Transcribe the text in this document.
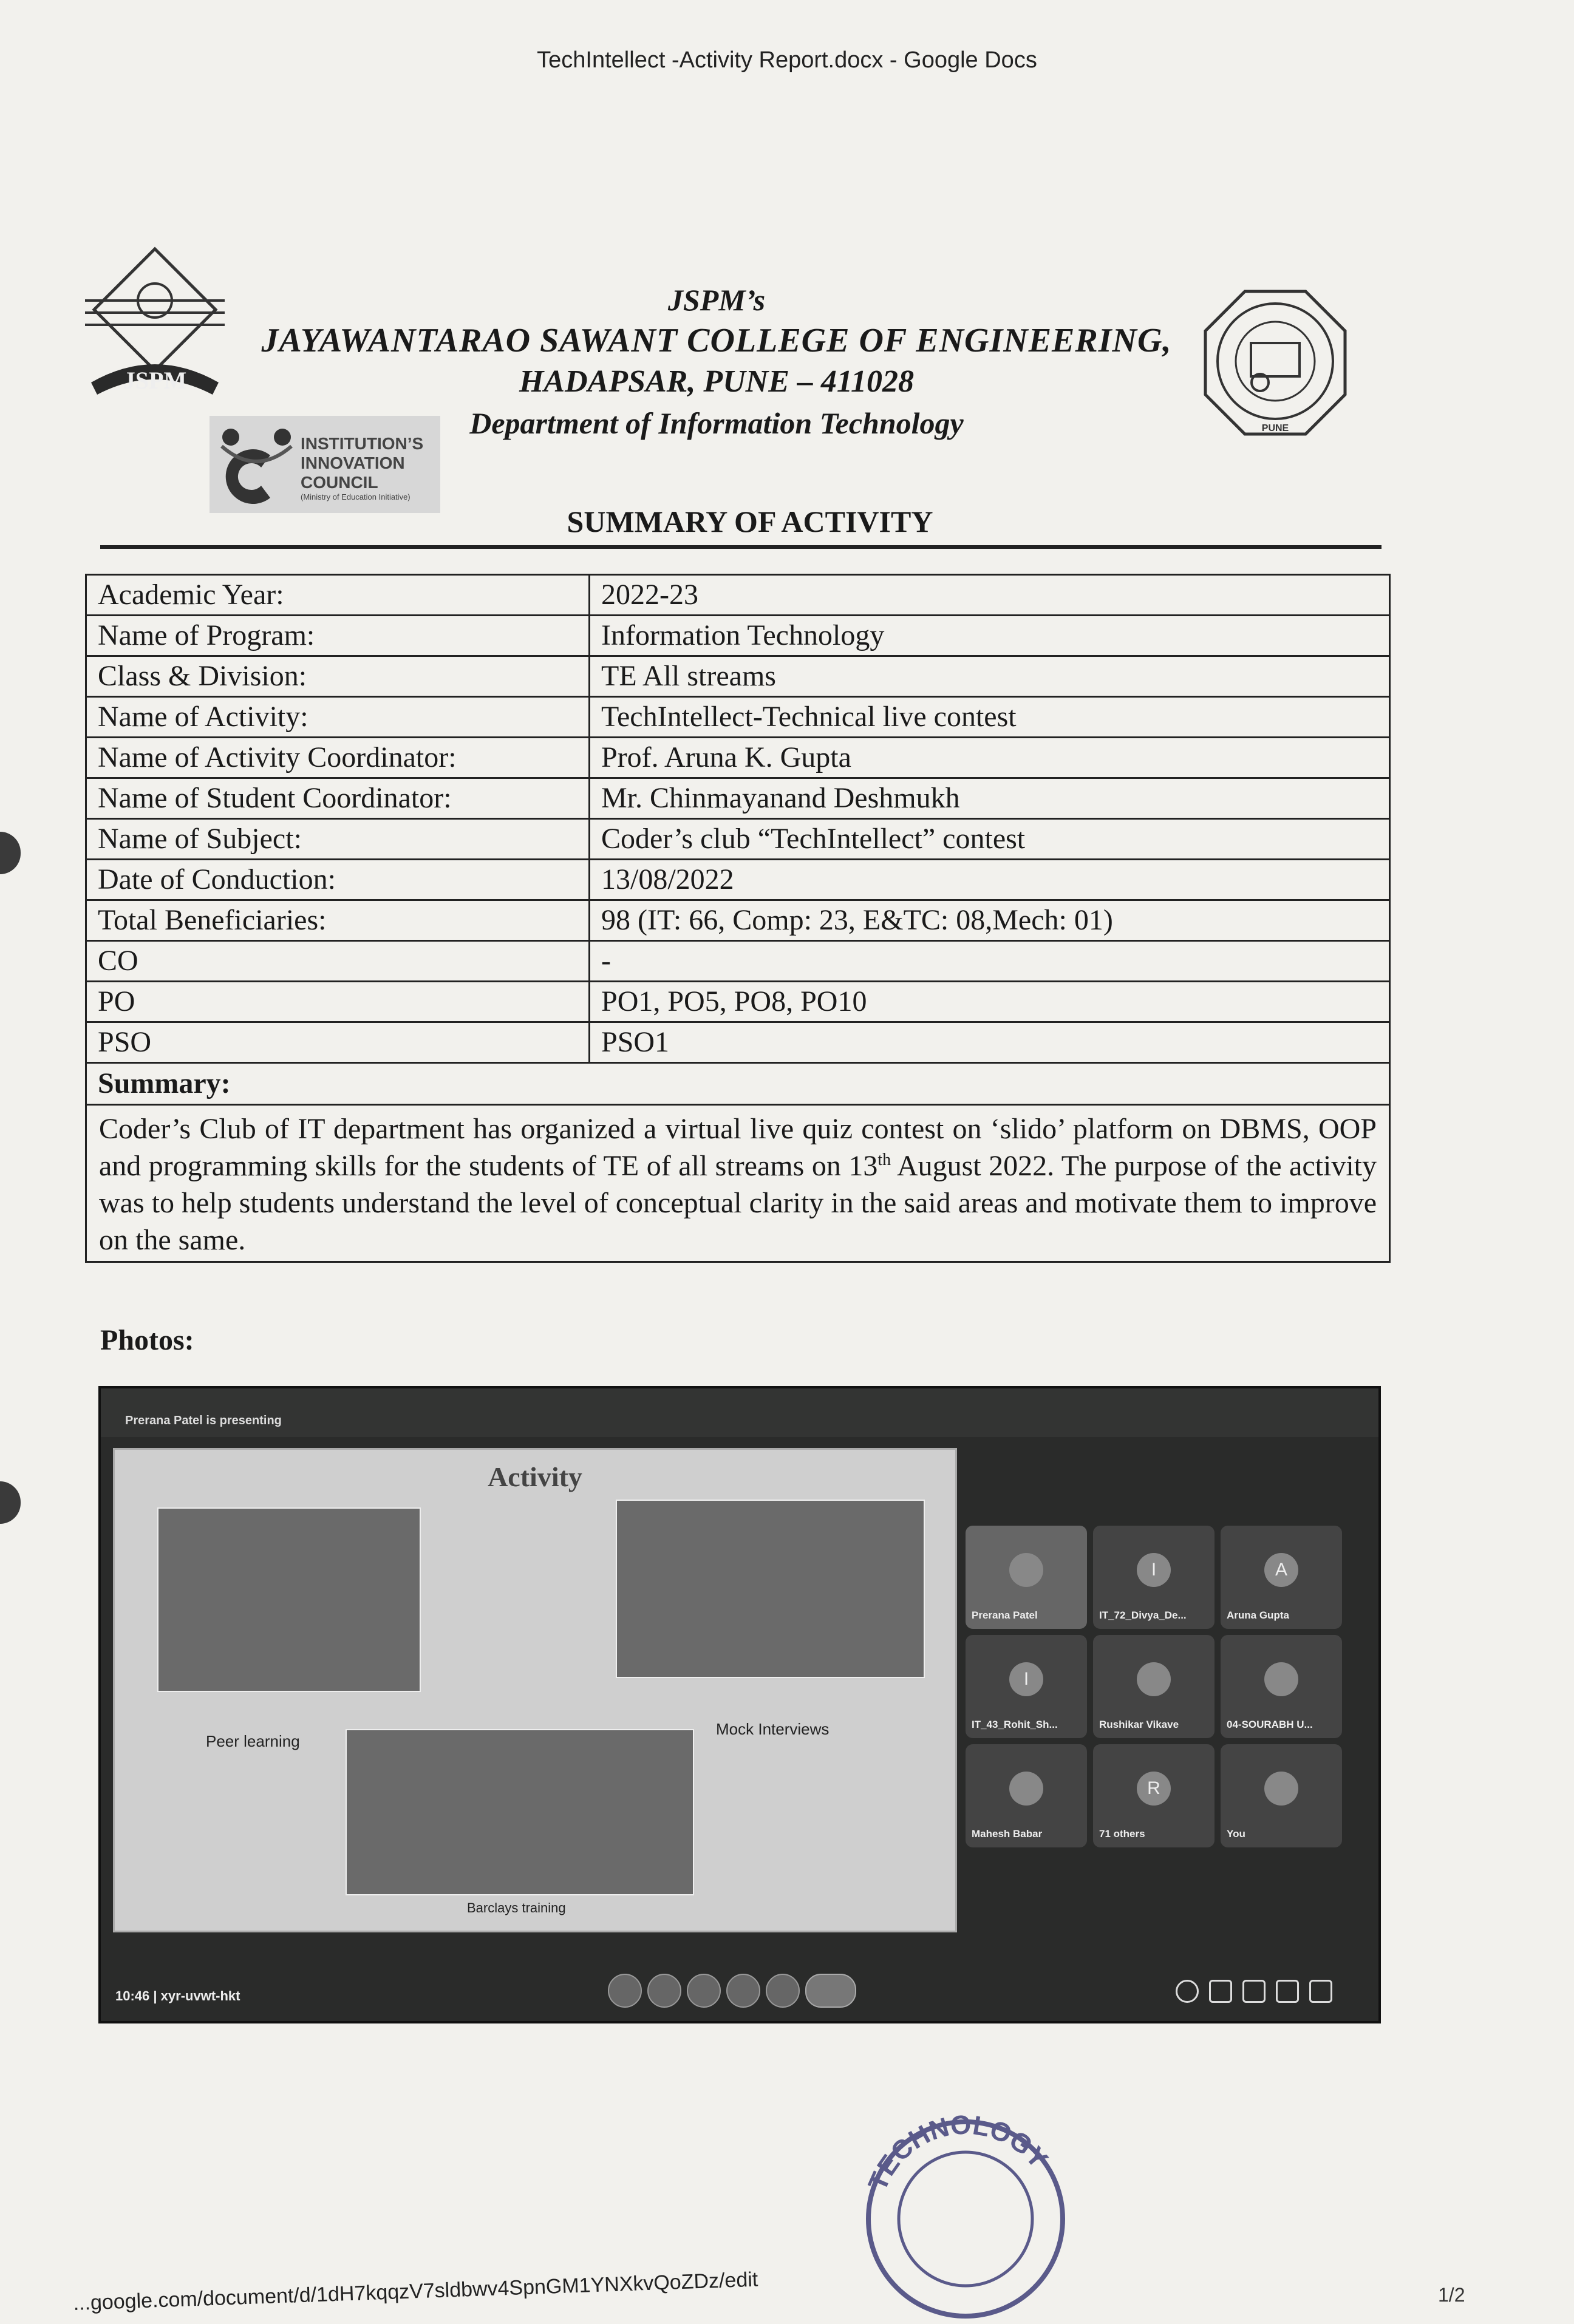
TechIntellect -Activity Report.docx - Google Docs
JSPM
JSPM’s
JAYAWANTARAO SAWANT COLLEGE OF ENGINEERING,
HADAPSAR, PUNE – 411028
Department of Information Technology	PUNE
INSTITUTION’S
INNOVATION
COUNCIL
(Ministry of Education Initiative)
SUMMARY OF ACTIVITY
Academic Year:	2022-23
Name of Program:	Information Technology
Class & Division:	TE All streams
Name of Activity:	TechIntellect-Technical live contest
Name of Activity Coordinator:	Prof. Aruna K. Gupta
Name of Student Coordinator:	Mr. Chinmayanand Deshmukh
Name of Subject:	Coder’s club “TechIntellect” contest
Date of Conduction:	13/08/2022
Total Beneficiaries:	98 (IT: 66, Comp: 23, E&TC: 08,Mech: 01)
CO	-
PO	PO1, PO5, PO8, PO10
PSO	PSO1
Summary:	
Coder’s Club of IT department has organized a virtual live quiz contest on ‘slido’ platform on DBMS, OOP and programming skills for the students of TE of all streams on 13th August 2022. The purpose of the activity was to help students understand the level of conceptual clarity in the said areas and motivate them to improve on the same.	
Photos:
Prerana Patel is presenting
Activity
Peer learning
Mock Interviews
Barclays training
Prerana Patel
I
IT_72_Divya_De...
A
Aruna Gupta
I
IT_43_Rohit_Sh...	Rushikar Vikave	04-SOURABH U...
Mahesh Babar
R
71 others	You
10:46 | xyr-uvwt-hkt
TECHNOLOGY
...google.com/document/d/1dH7kqqzV7sldbwv4SpnGM1YNXkvQoZDz/edit	1/2
